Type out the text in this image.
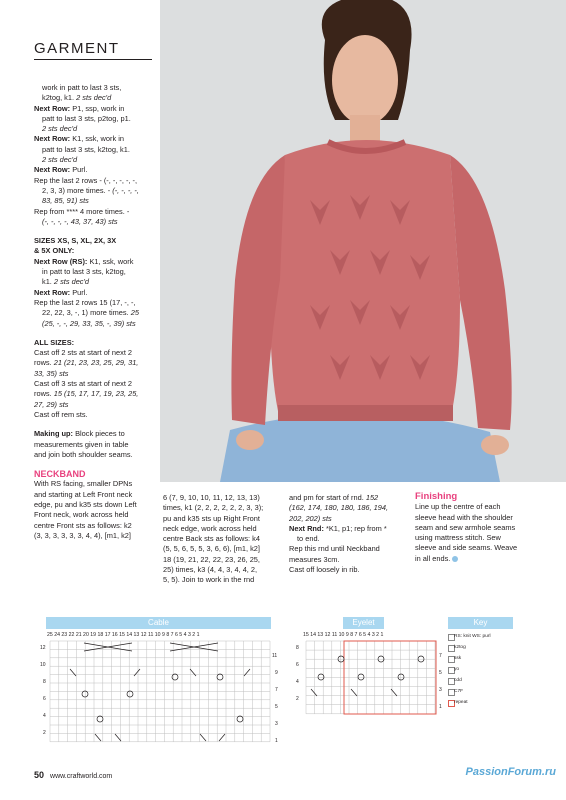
GARMENT

work in patt to last 3 sts,

k2tog, k1. 2 sts dec'd

Next Row: P1, ssp, work in

patt to last 3 sts, p2tog, p1.

2 sts dec'd

Next Row: K1, ssk, work in

patt to last 3 sts, k2tog, k1.

2 sts dec'd

Next Row: Purl.

Rep the last 2 rows - (-, -, -, -, -,

2, 3, 3) more times. - (-, -, -, -,

83, 85, 91) sts

Rep from **** 4 more times. -

(-, -, -, -, 43, 37, 43) sts

SIZES XS, S, XL, 2X, 3X

& 5X ONLY:

Next Row (RS): K1, ssk, work

in patt to last 3 sts, k2tog,

k1. 2 sts dec'd

Next Row: Purl.

Rep the last 2 rows 15 (17, -, -,

22, 22, 3, -, 1) more times. 25

(25, -, -, 29, 33, 35, -, 39) sts

ALL SIZES:

Cast off 2 sts at start of next 2

rows. 21 (21, 23, 23, 25, 29, 31,

33, 35) sts

Cast off 3 sts at start of next 2

rows. 15 (15, 17, 17, 19, 23, 25,

27, 29) sts

Cast off rem sts.

Making up: Block pieces to

measurements given in table

and join both shoulder seams.

NECKBAND

With RS facing, smaller DPNs

and starting at Left Front neck

edge, pu and k35 sts down Left

Front neck, work across held

centre Front sts as follows: k2

(3, 3, 3, 3, 3, 3, 4, 4), [m1, k2]

6 (7, 9, 10, 10, 11, 12, 13, 13)

times, k1 (2, 2, 2, 2, 2, 2, 3, 3);

pu and k35 sts up Right Front

neck edge, work across held

centre Back sts as follows: k4

(5, 5, 6, 5, 5, 3, 6, 6), [m1, k2]

18 (19, 21, 22, 22, 23, 26, 25,

25) times, k3 (4, 4, 3, 4, 4, 2,

5, 5). Join to work in the rnd

and pm for start of rnd. 152

(162, 174, 180, 180, 186, 194,

202, 202) sts

Next Rnd: *K1, p1; rep from *

to end.

Rep this rnd until Neckband

measures 3cm.

Cast off loosely in rib.

Finishing

Line up the centre of each

sleeve head with the shoulder

seam and sew armhole seams

using mattress stitch. Sew

sleeve and side seams. Weave

in all ends.

Cable
25 24 23 22 21 20 19 18 17 16 15 14 13 12 11 10 9 8 7 6 5 4 3 2 1
12
10
8
6
4
2
11
9
7
5
3
1
Eyelet
15 14 13 12 11 10 9 8 7 6 5 4 3 2 1
8
6
4
2
7
5
3
1
Key
RS: knit WS: purl
k2tog
ssk
yo
cdd
C7F
repeat
50 www.craftworld.com	PassionForum.ru
